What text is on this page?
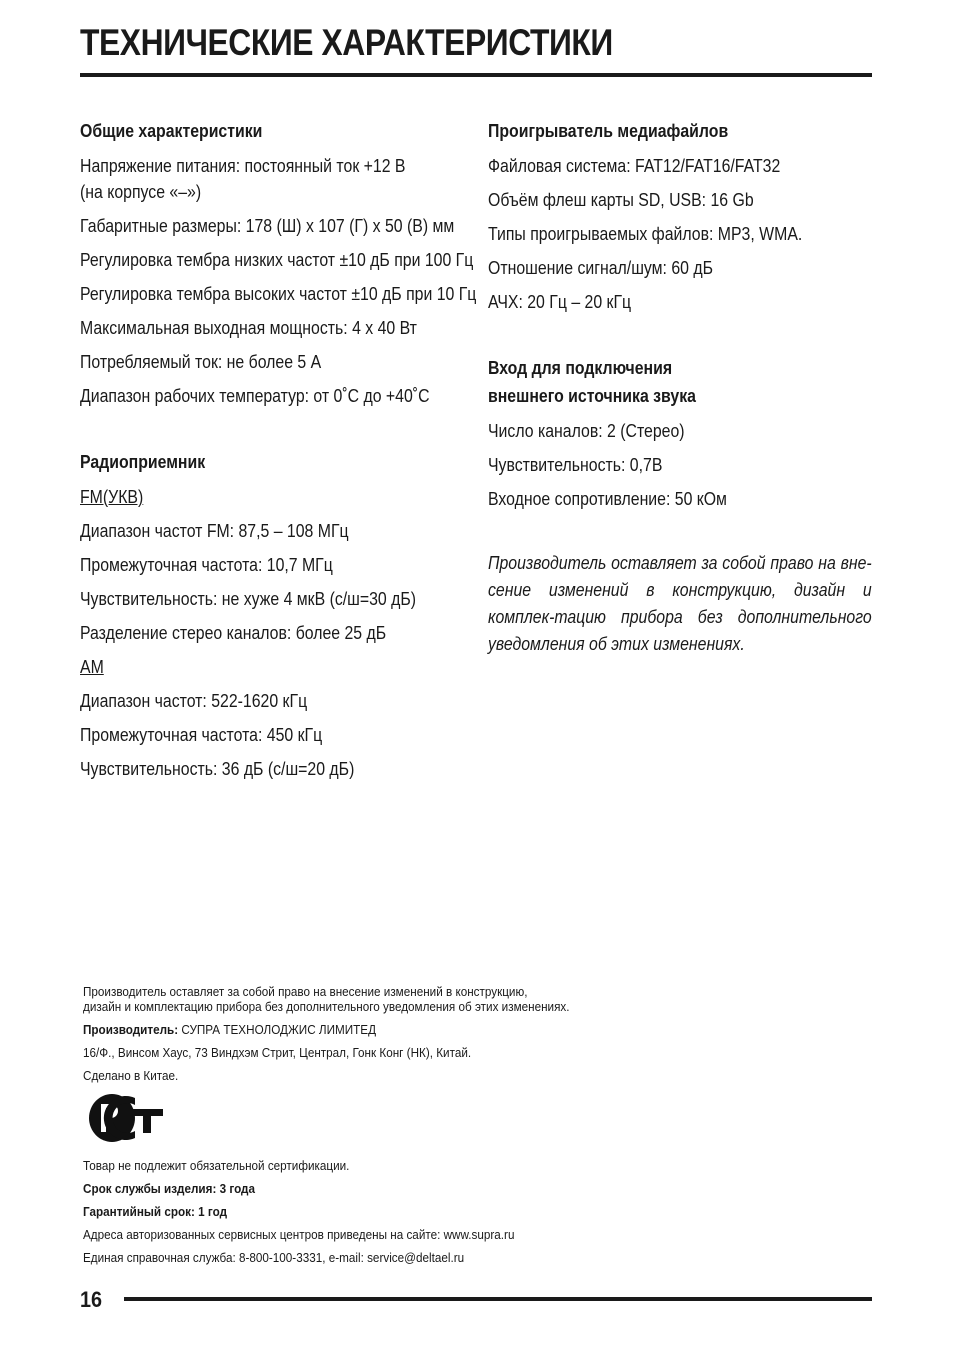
ТЕХНИЧЕСКИЕ ХАРАКТЕРИСТИКИ

Общие характеристики

Напряжение питания: постоянный ток +12 В

(на корпусе «–»)

Габаритные размеры: 178 (Ш) x 107 (Г) x 50 (В) мм

Регулировка тембра низких частот ±10 дБ при 100 Гц

Регулировка тембра высоких частот ±10 дБ при 10 Гц

Максимальная выходная мощность: 4 x 40 Вт

Потребляемый ток: не более 5 А

Диапазон рабочих температур: от 0˚С до +40˚С

Радиоприемник

FM(УКВ)

Диапазон частот FM: 87,5 – 108 МГц

Промежуточная частота: 10,7 МГц

Чувствительность: не хуже 4 мкВ (с/ш=30 дБ)

Разделение стерео каналов: более 25 дБ

AM

Диапазон частот: 522-1620 кГц

Промежуточная частота: 450 кГц

Чувствительность: 36 дБ (с/ш=20 дБ)

Проигрыватель медиафайлов

Файловая система: FAT12/FAT16/FAT32

Объём флеш карты SD, USB: 16 Gb

Типы проигрываемых файлов: MP3, WMA.

Отношение сигнал/шум: 60 дБ

АЧХ: 20 Гц – 20 кГц

Вход для подключения

внешнего источника звука

Число каналов: 2 (Стерео)

Чувствительность: 0,7В

Входное сопротивление: 50 кОм

Производитель оставляет за собой право на вне-сение изменений в конструкцию, дизайн и комплек-тацию прибора без дополнительного уведомления об этих изменениях.

Производитель оставляет за собой право на внесение изменений в конструкцию,

дизайн и комплектацию прибора без дополнительного уведомления об этих изменениях.

Производитель: СУПРА ТЕХНОЛОДЖИС ЛИМИТЕД

16/Ф., Винсом Хаус, 73 Виндхэм Стрит, Централ, Гонк Конг (НК), Китай.

Сделано в Китае.

Товар не подлежит обязательной сертификации.

Срок службы изделия: 3 года

Гарантийный срок: 1 год

Адреса авторизованных сервисных центров приведены на сайте: www.supra.ru

Единая справочная служба: 8-800-100-3331, e-mail: service@deltael.ru

16
